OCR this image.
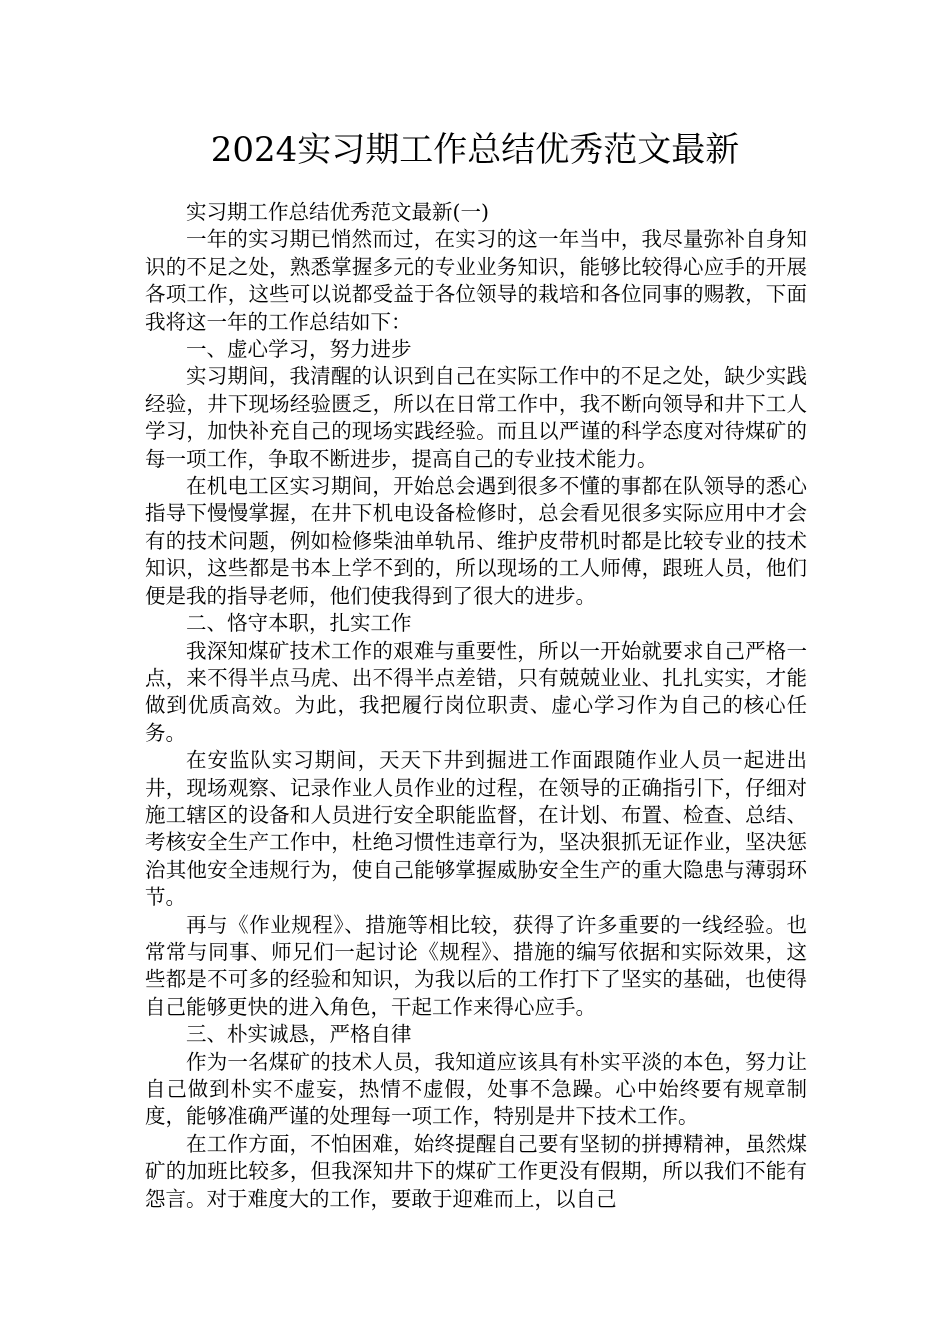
2024实习期工作总结优秀范文最新

实习期工作总结优秀范文最新(一)

一年的实习期已悄然而过，在实习的这一年当中，我尽量弥补自身知识的不足之处，熟悉掌握多元的专业业务知识，能够比较得心应手的开展各项工作，这些可以说都受益于各位领导的栽培和各位同事的赐教，下面我将这一年的工作总结如下：

一、虚心学习，努力进步

实习期间，我清醒的认识到自己在实际工作中的不足之处，缺少实践经验，井下现场经验匮乏，所以在日常工作中，我不断向领导和井下工人学习，加快补充自己的现场实践经验。而且以严谨的科学态度对待煤矿的每一项工作，争取不断进步，提高自己的专业技术能力。

在机电工区实习期间，开始总会遇到很多不懂的事都在队领导的悉心指导下慢慢掌握，在井下机电设备检修时，总会看见很多实际应用中才会有的技术问题，例如检修柴油单轨吊、维护皮带机时都是比较专业的技术知识，这些都是书本上学不到的，所以现场的工人师傅，跟班人员，他们便是我的指导老师，他们使我得到了很大的进步。

二、恪守本职，扎实工作

我深知煤矿技术工作的艰难与重要性，所以一开始就要求自己严格一点，来不得半点马虎、出不得半点差错，只有兢兢业业、扎扎实实，才能做到优质高效。为此，我把履行岗位职责、虚心学习作为自己的核心任务。

在安监队实习期间，天天下井到掘进工作面跟随作业人员一起进出井，现场观察、记录作业人员作业的过程，在领导的正确指引下，仔细对施工辖区的设备和人员进行安全职能监督，在计划、布置、检查、总结、考核安全生产工作中，杜绝习惯性违章行为，坚决狠抓无证作业，坚决惩治其他安全违规行为，使自己能够掌握威胁安全生产的重大隐患与薄弱环节。

再与《作业规程》、措施等相比较，获得了许多重要的一线经验。也常常与同事、师兄们一起讨论《规程》、措施的编写依据和实际效果，这些都是不可多的经验和知识，为我以后的工作打下了坚实的基础，也使得自己能够更快的进入角色，干起工作来得心应手。

三、朴实诚恳，严格自律

作为一名煤矿的技术人员，我知道应该具有朴实平淡的本色，努力让自己做到朴实不虚妄，热情不虚假，处事不急躁。心中始终要有规章制度，能够准确严谨的处理每一项工作，特别是井下技术工作。

在工作方面，不怕困难，始终提醒自己要有坚韧的拼搏精神，虽然煤矿的加班比较多，但我深知井下的煤矿工作更没有假期，所以我们不能有怨言。对于难度大的工作，要敢于迎难而上，以自己
